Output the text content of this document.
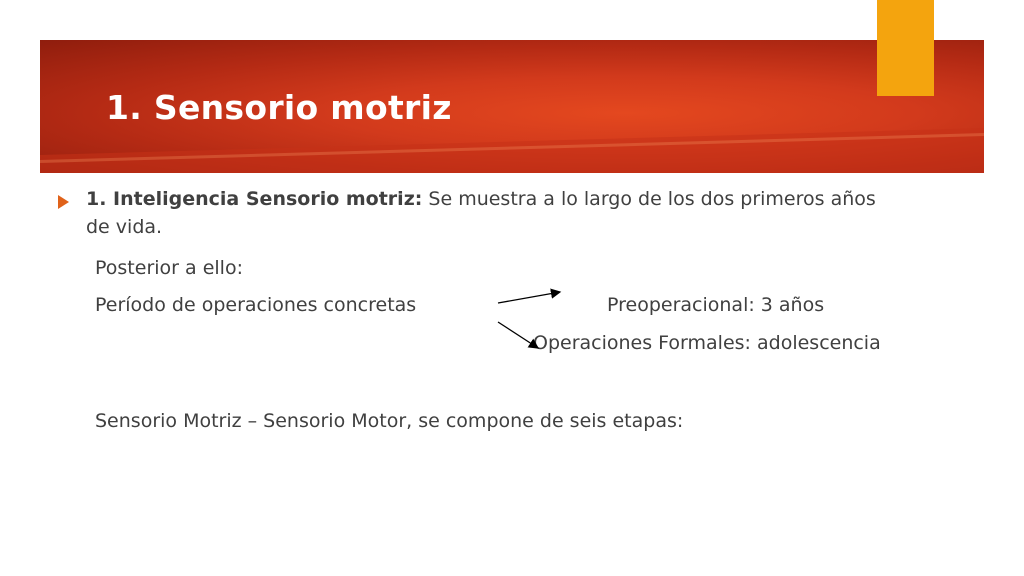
1. Sensorio motriz
1. Inteligencia Sensorio motriz: Se muestra a lo largo de los dos primeros años
de vida.
Posterior a ello:
Período de operaciones concretas	Preoperacional: 3 años
Operaciones Formales: adolescencia
Sensorio Motriz – Sensorio Motor, se compone de seis etapas:
